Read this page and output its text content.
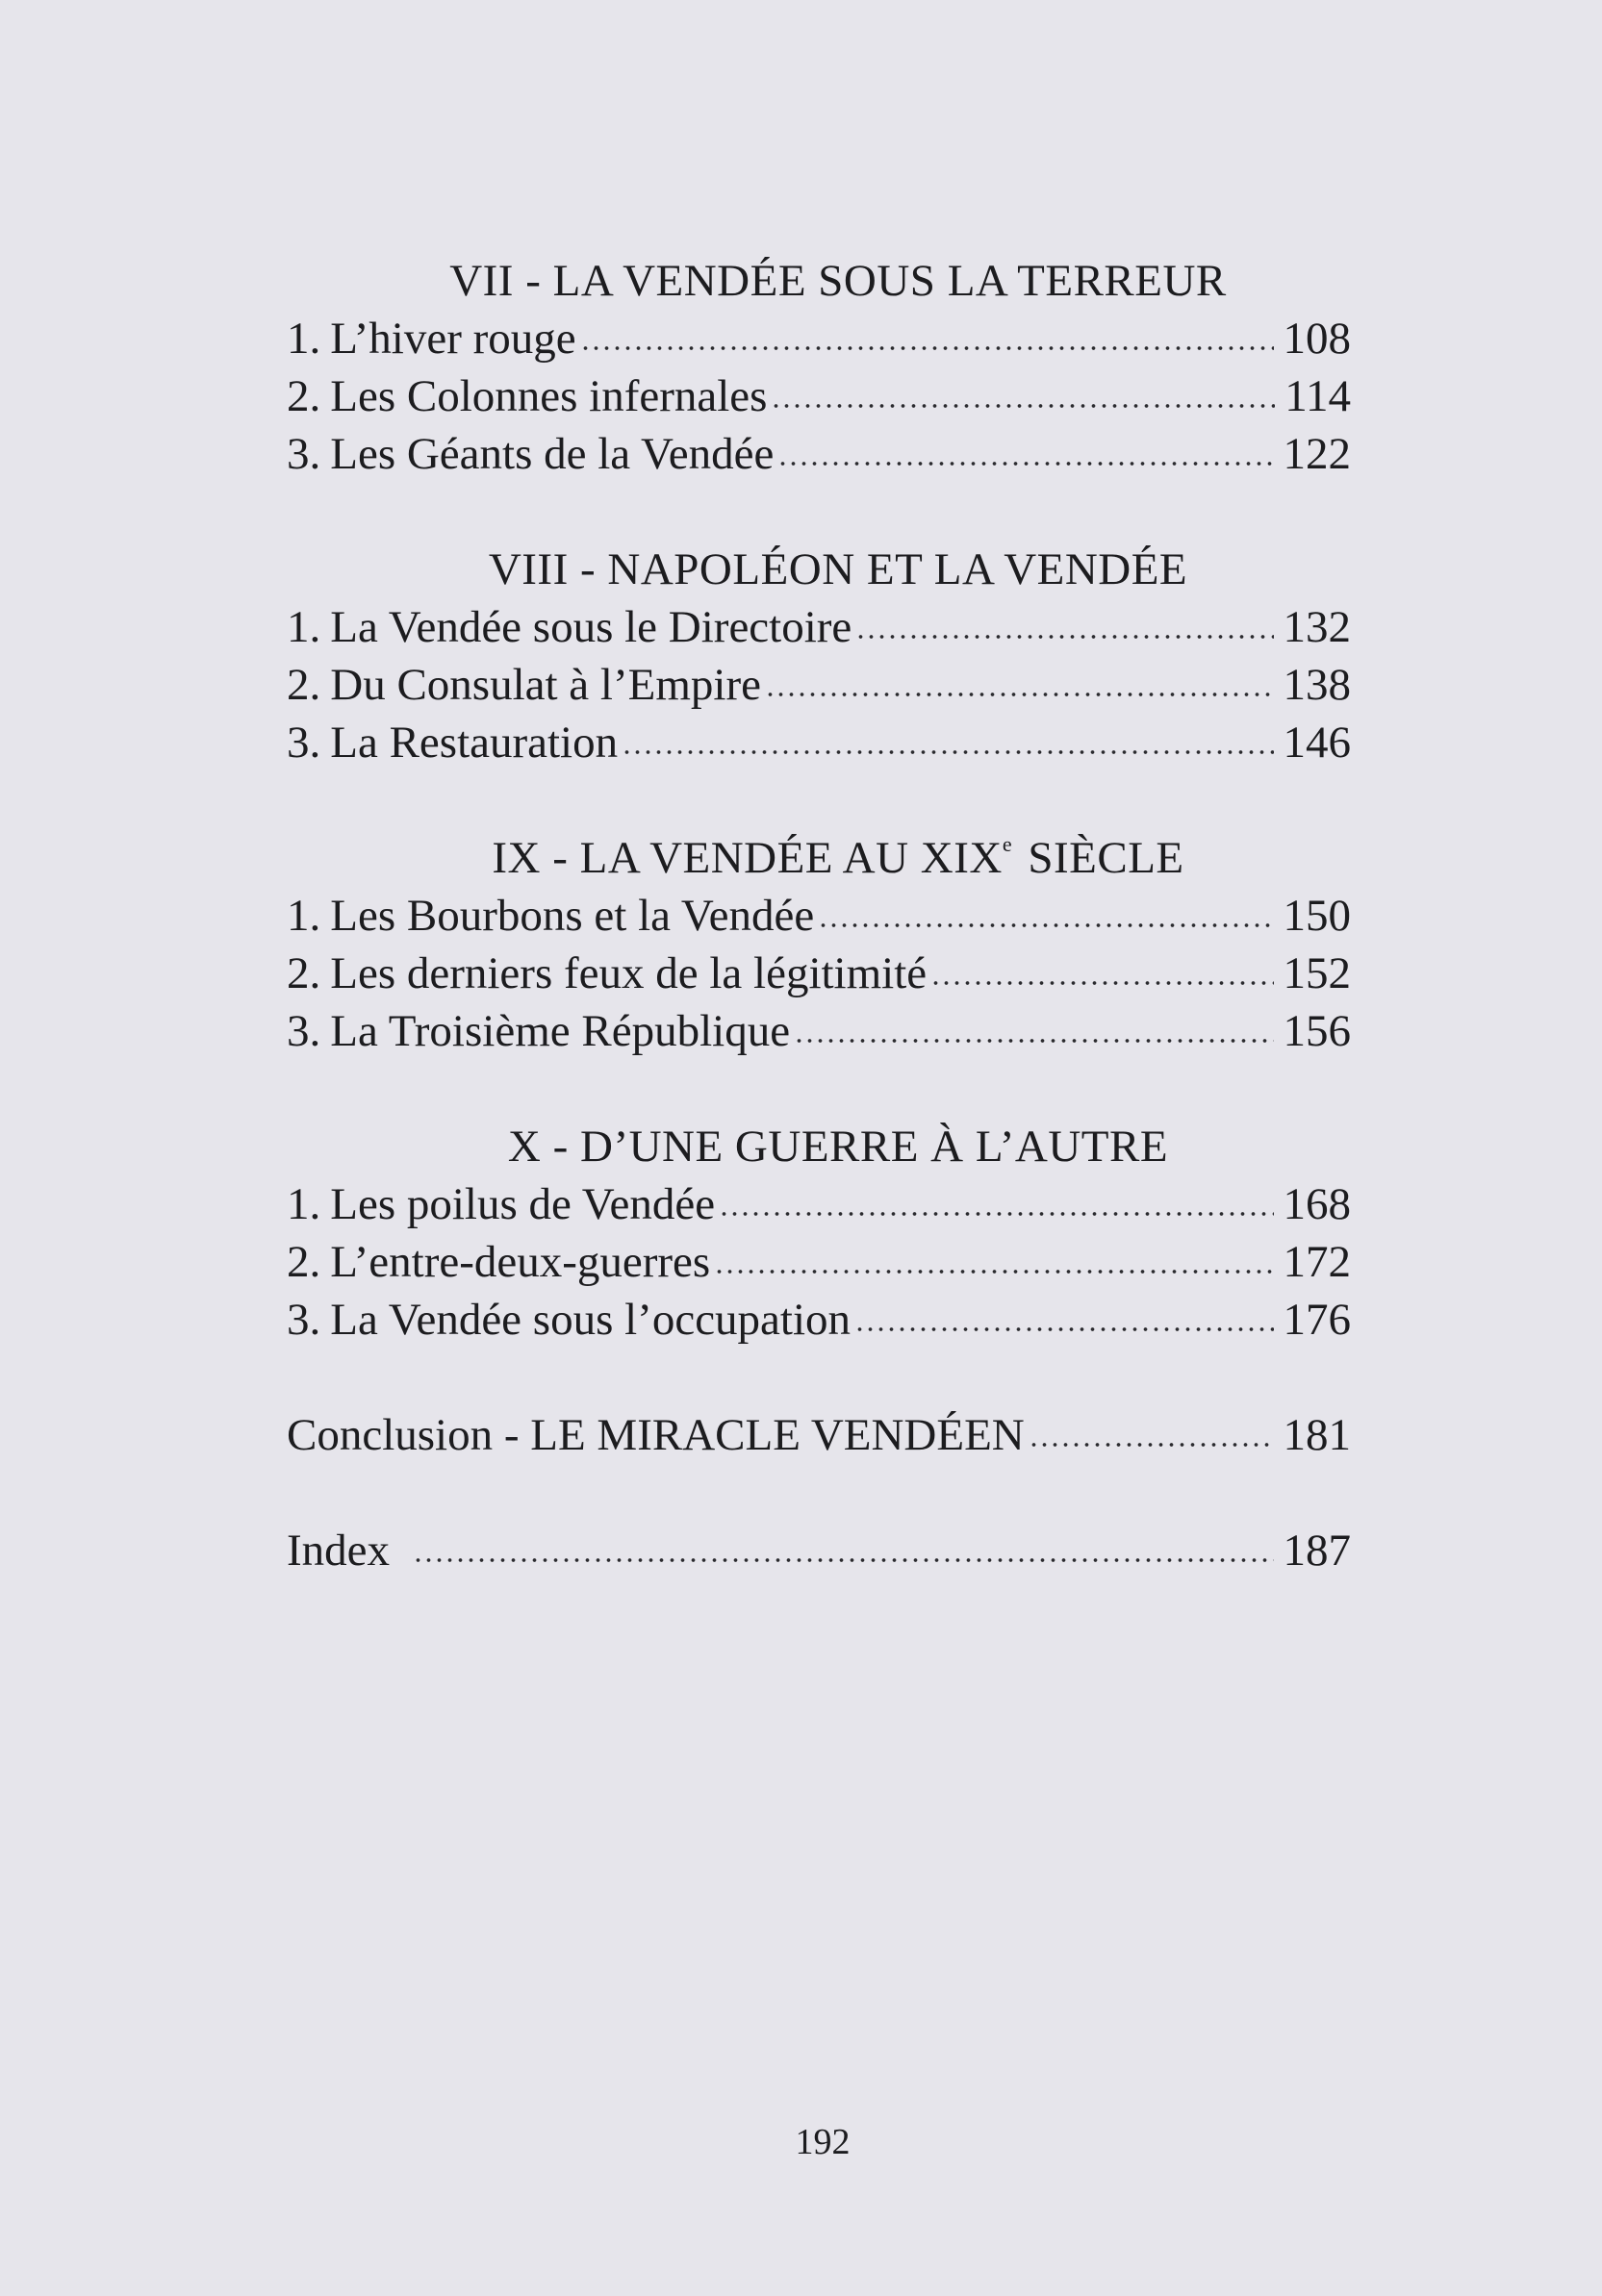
VII - LA VENDÉE SOUS LA TERREUR
1. L’hiver rouge	108
2. Les Colonnes infernales	114
3. Les Géants de la Vendée	122
VIII - NAPOLÉON ET LA VENDÉE
1. La Vendée sous le Directoire	132
2. Du Consulat à l’Empire	138
3. La Restauration	146
IX - LA VENDÉE AU XIXe SIÈCLE
1. Les Bourbons et la Vendée	150
2. Les derniers feux de la légitimité	152
3. La Troisième République	156
X - D’UNE GUERRE À L’AUTRE
1. Les poilus de Vendée	168
2. L’entre-deux-guerres	172
3. La Vendée sous l’occupation	176
Conclusion - LE MIRACLE VENDÉEN	181
Index	187
192
